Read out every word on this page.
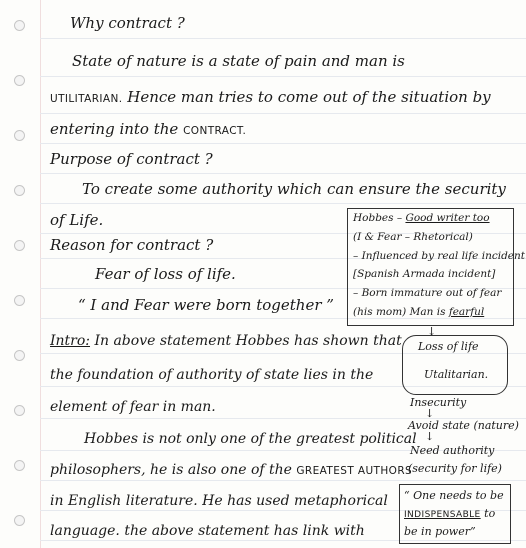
Why contract ?
State of nature is a state of pain and man is
UTILITARIAN. Hence man tries to come out of the situation by
entering into the CONTRACT.
Purpose of contract ?
To create some authority which can ensure the security
of Life.
Reason for contract ?
Fear of loss of life.
“ I and Fear were born together ”
Intro: In above statement Hobbes has shown that
the foundation of authority of state lies in the
element of fear in man.
Hobbes is not only one of the greatest political
philosophers, he is also one of the GREATEST AUTHORS
in English literature. He has used metaphorical
language. the above statement has link with
Hobbes – Good writer too
(I & Fear – Rhetorical)
– Influenced by real life incident
[Spanish Armada incident]
– Born immature out of fear
(his mom) Man is fearful
↓
Loss of life
Utalitarian.
Insecurity
↓
Avoid state (nature)
↓
Need authority
(security for life)
“ One needs to be
INDISPENSABLE to
be in power”
